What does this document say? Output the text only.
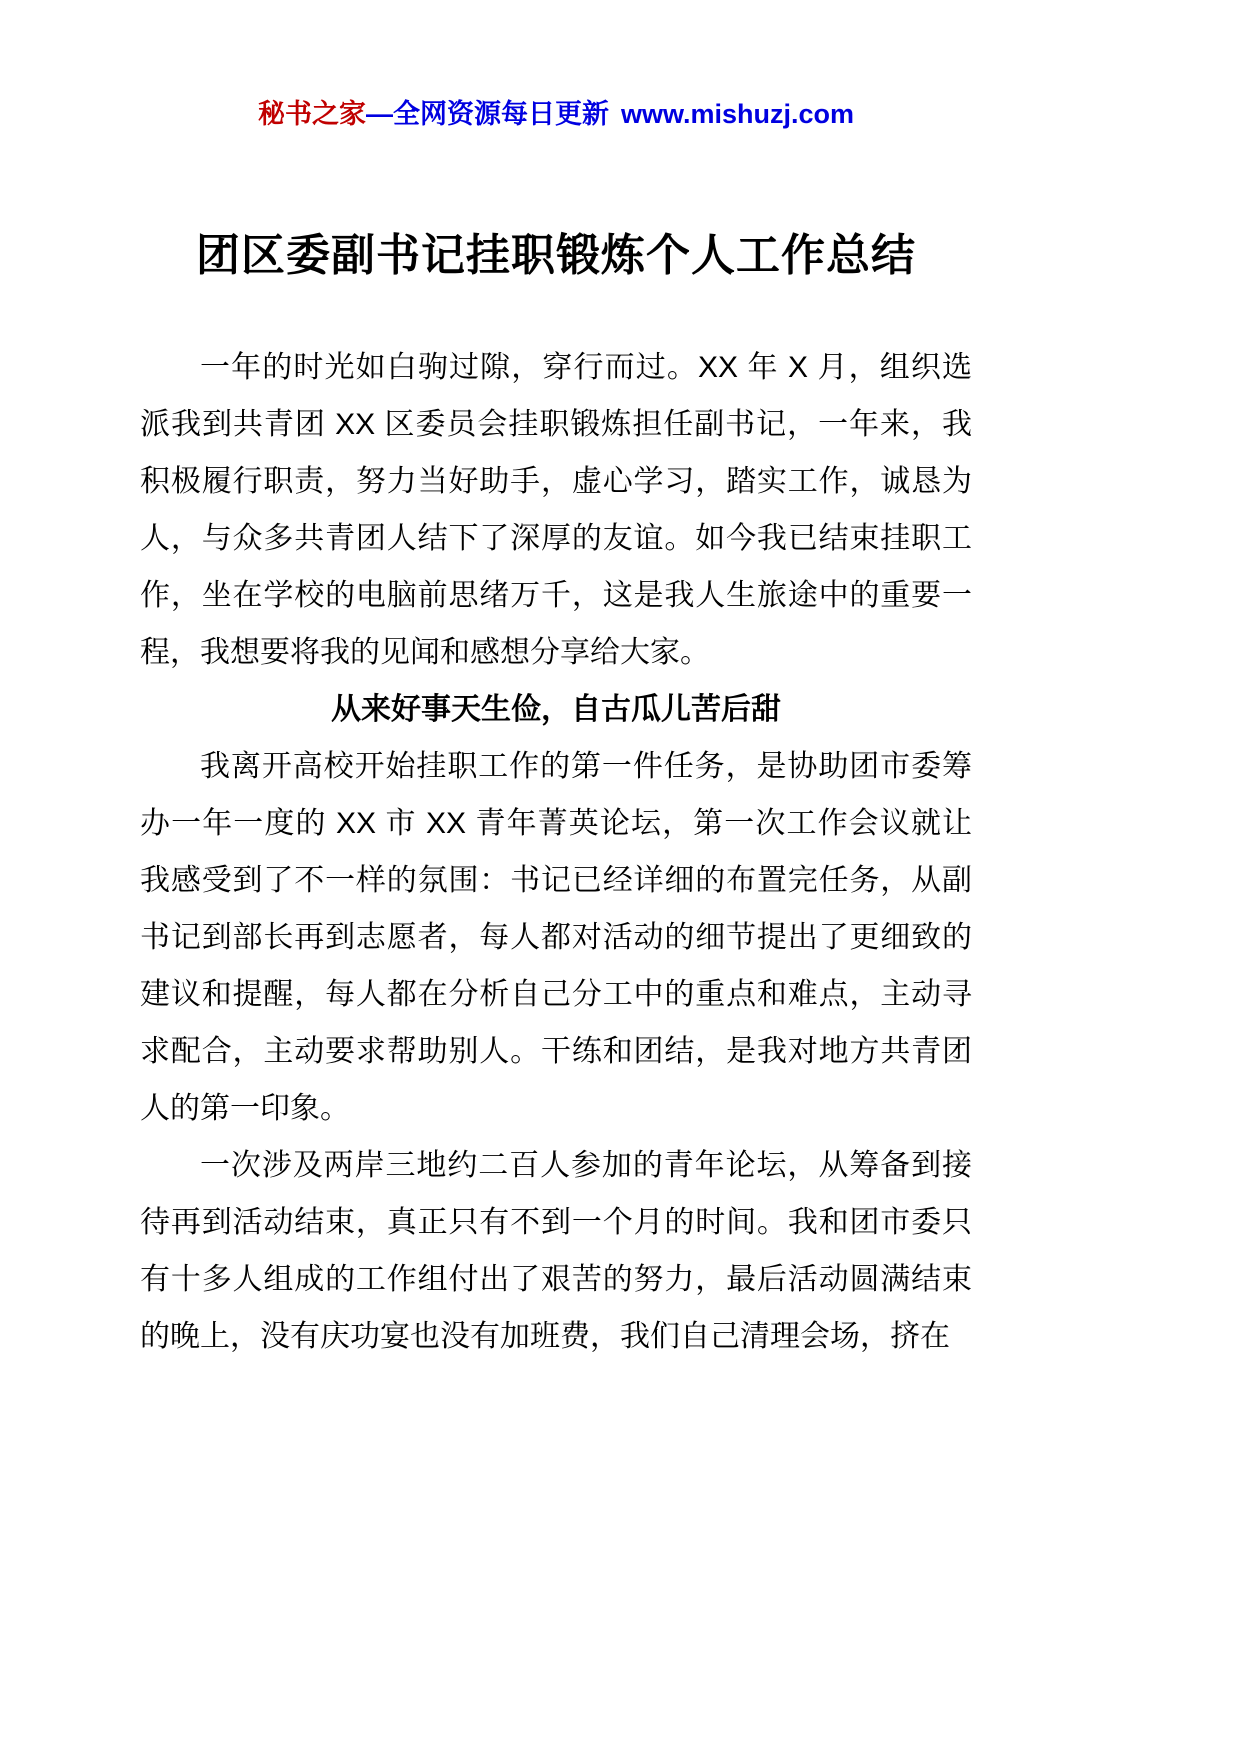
秘书之家—全网资源每日更新 www.mishuzj.com
团区委副书记挂职锻炼个人工作总结

一年的时光如白驹过隙，穿行而过。XX 年 X 月，组织选派我到共青团 XX 区委员会挂职锻炼担任副书记，一年来，我积极履行职责，努力当好助手，虚心学习，踏实工作，诚恳为人，与众多共青团人结下了深厚的友谊。如今我已结束挂职工作，坐在学校的电脑前思绪万千，这是我人生旅途中的重要一程，我想要将我的见闻和感想分享给大家。

从来好事天生俭，自古瓜儿苦后甜

我离开高校开始挂职工作的第一件任务，是协助团市委筹办一年一度的 XX 市 XX 青年菁英论坛，第一次工作会议就让我感受到了不一样的氛围：书记已经详细的布置完任务，从副书记到部长再到志愿者，每人都对活动的细节提出了更细致的建议和提醒，每人都在分析自己分工中的重点和难点，主动寻求配合，主动要求帮助别人。干练和团结，是我对地方共青团人的第一印象。

一次涉及两岸三地约二百人参加的青年论坛，从筹备到接待再到活动结束，真正只有不到一个月的时间。我和团市委只有十多人组成的工作组付出了艰苦的努力，最后活动圆满结束的晚上，没有庆功宴也没有加班费，我们自己清理会场，挤在
